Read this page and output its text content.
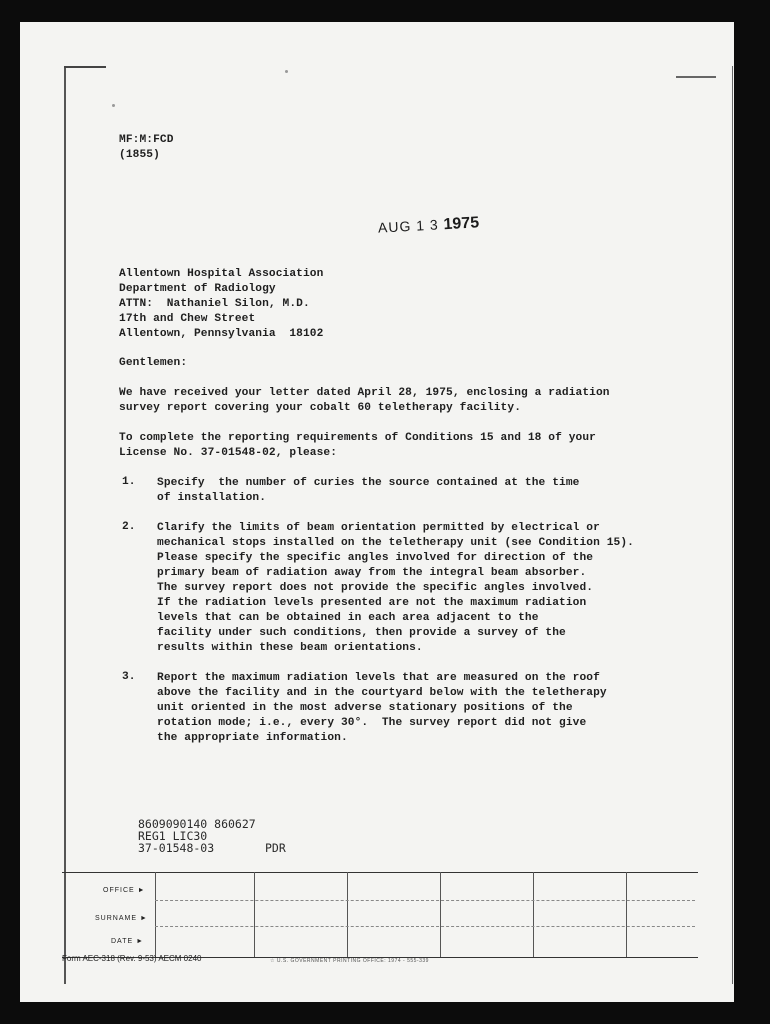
MF:M:FCD
(1855)
AUG 1 3 1975
Allentown Hospital Association
Department of Radiology
ATTN:  Nathaniel Silon, M.D.
17th and Chew Street
Allentown, Pennsylvania  18102
Gentlemen:
We have received your letter dated April 28, 1975, enclosing a radiation
survey report covering your cobalt 60 teletherapy facility.
To complete the reporting requirements of Conditions 15 and 18 of your
License No. 37-01548-02, please:
1. Specify  the number of curies the source contained at the time
of installation.
2. Clarify the limits of beam orientation permitted by electrical or
mechanical stops installed on the teletherapy unit (see Condition 15).
Please specify the specific angles involved for direction of the
primary beam of radiation away from the integral beam absorber.
The survey report does not provide the specific angles involved.
If the radiation levels presented are not the maximum radiation
levels that can be obtained in each area adjacent to the
facility under such conditions, then provide a survey of the
results within these beam orientations.
3. Report the maximum radiation levels that are measured on the roof
above the facility and in the courtyard below with the teletherapy
unit oriented in the most adverse stationary positions of the
rotation mode; i.e., every 30°.  The survey report did not give
the appropriate information.
8609090140 860627
REG1 LIC30
37-01548-03	PDR
OFFICE ►
SURNAME ►
DATE ►
Form AEC-318 (Rev. 9-53) AECM 0240	☆ U.S. GOVERNMENT PRINTING OFFICE: 1974 - 555-339
